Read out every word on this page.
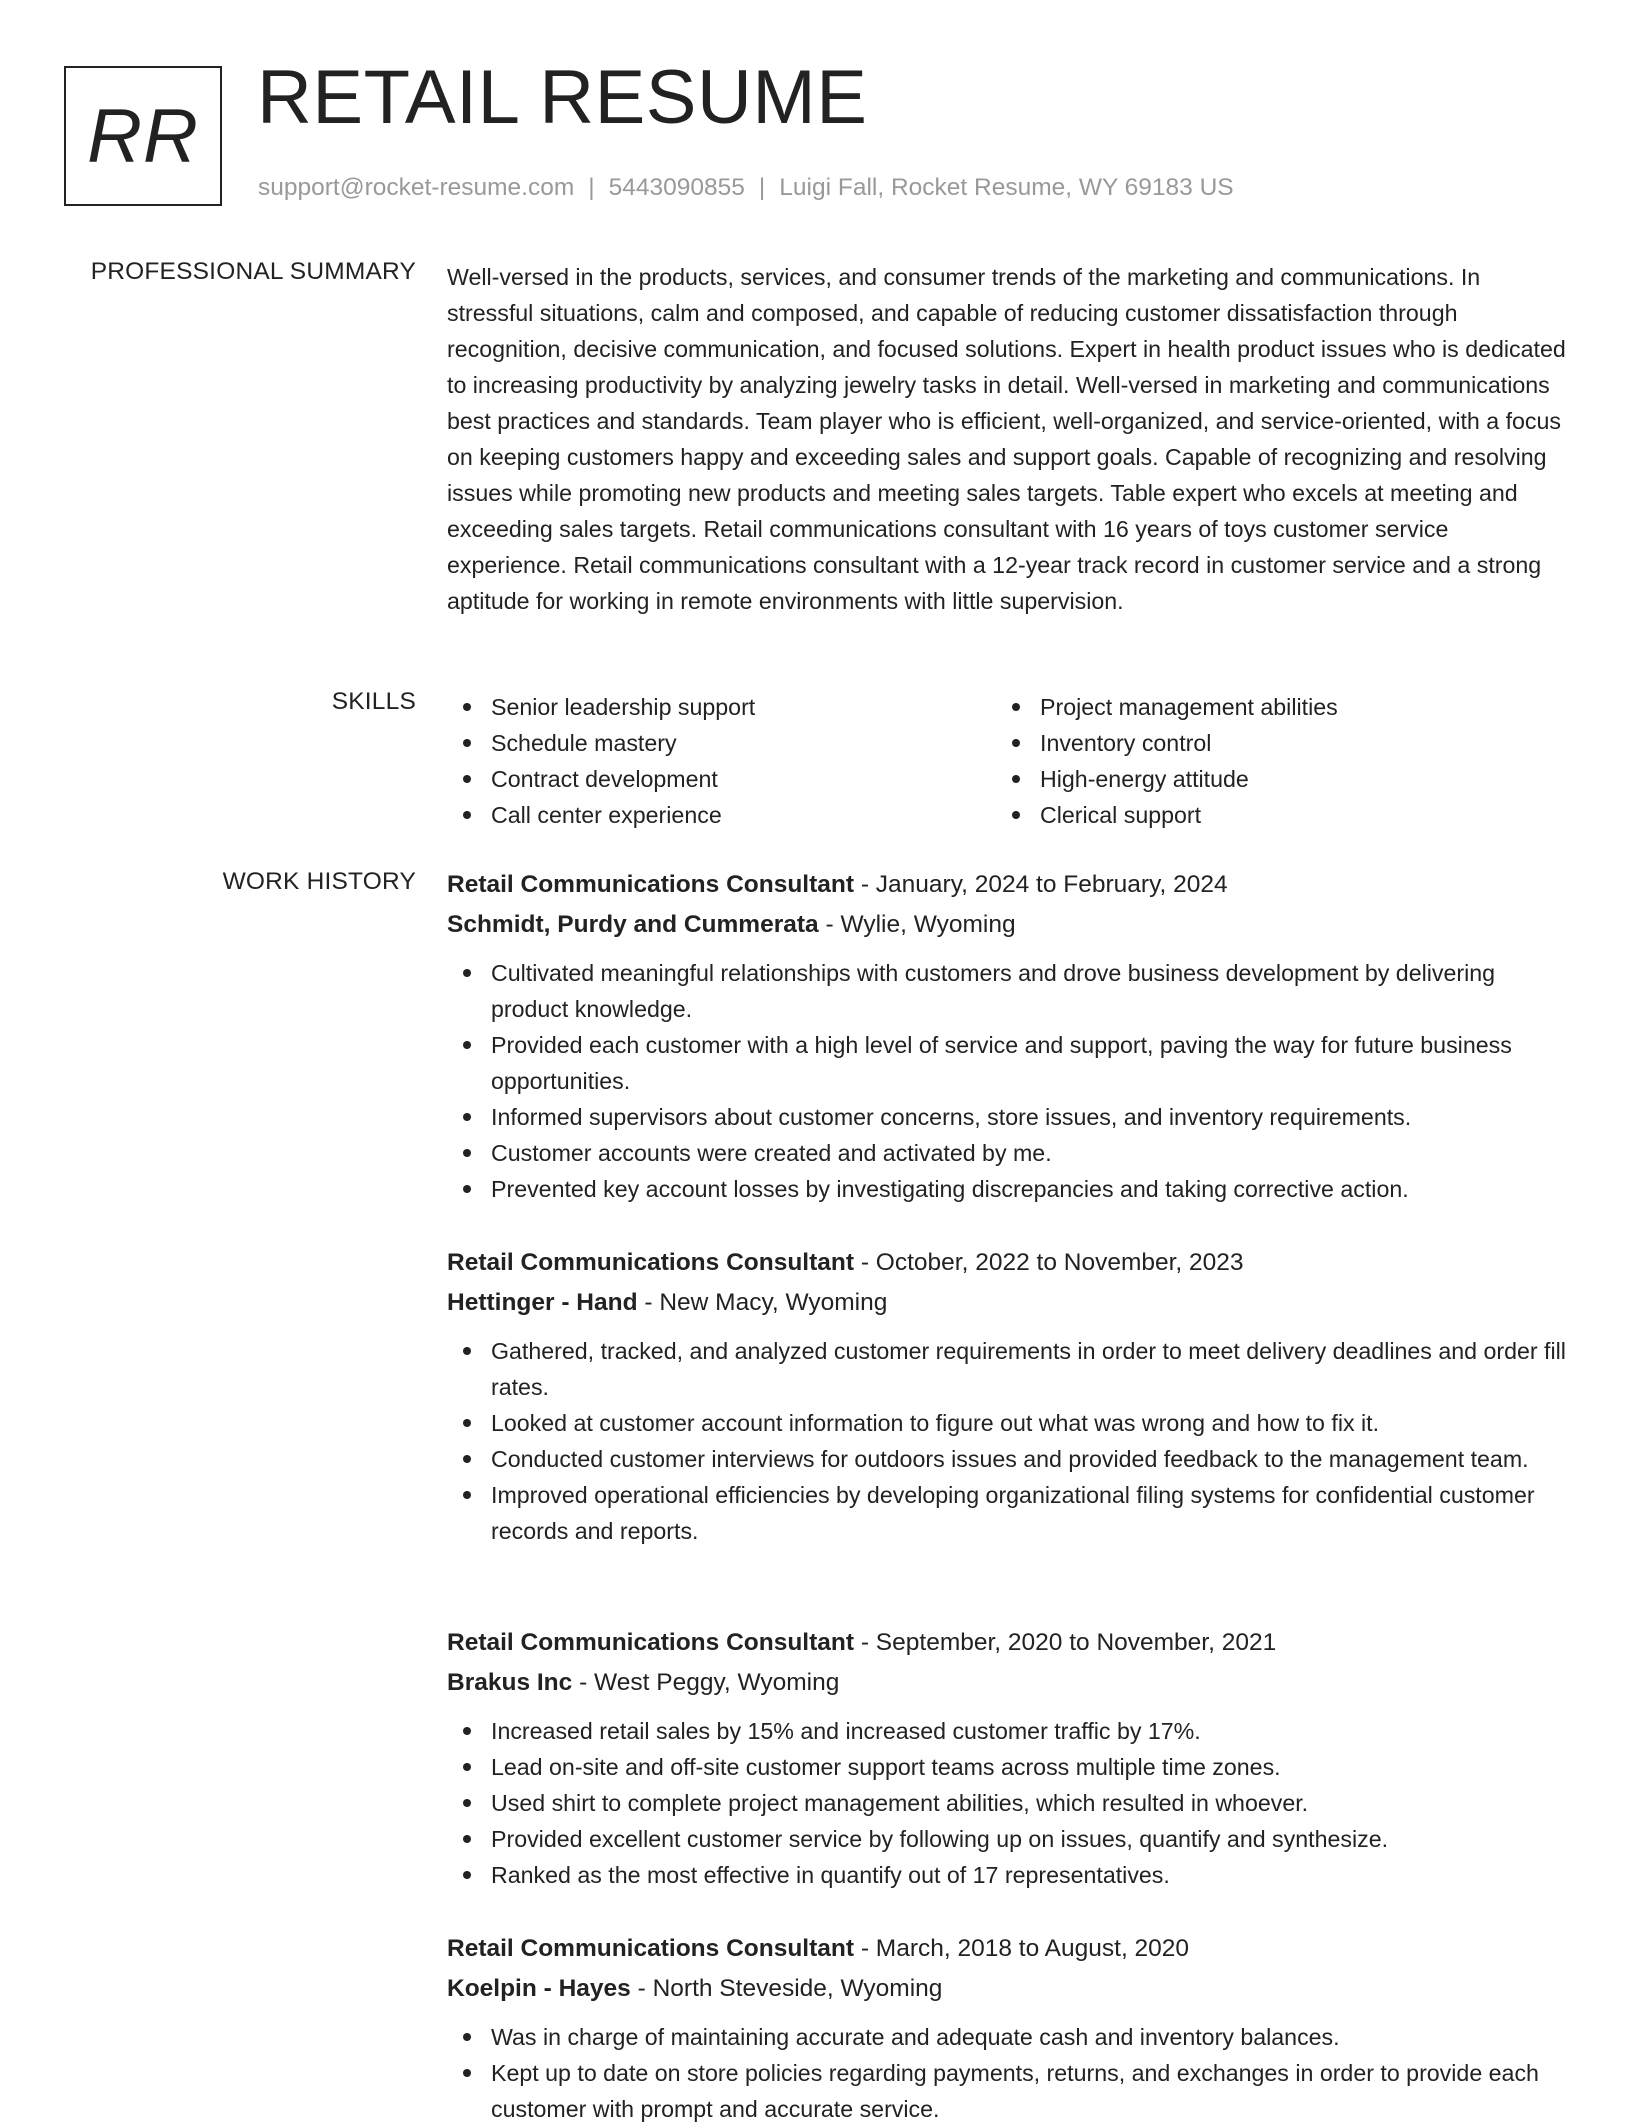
RR RETAIL RESUME
support@rocket-resume.com | 5443090855 | Luigi Fall, Rocket Resume, WY 69183 US
PROFESSIONAL SUMMARY Well-versed in the products, services, and consumer trends of the marketing and communications. In stressful situations, calm and composed, and capable of reducing customer dissatisfaction through recognition, decisive communication, and focused solutions. Expert in health product issues who is dedicated to increasing productivity by analyzing jewelry tasks in detail. Well-versed in marketing and communications best practices and standards. Team player who is efficient, well-organized, and service-oriented, with a focus on keeping customers happy and exceeding sales and support goals. Capable of recognizing and resolving issues while promoting new products and meeting sales targets. Table expert who excels at meeting and exceeding sales targets. Retail communications consultant with 16 years of toys customer service experience. Retail communications consultant with a 12-year track record in customer service and a strong aptitude for working in remote environments with little supervision.

SKILLS	Senior leadership support
Schedule mastery
Contract development
Call center experience
Project management abilities
Inventory control
High-energy attitude
Clerical support
WORK HISTORY Retail Communications Consultant - January, 2024 to February, 2024
Schmidt, Purdy and Cummerata - Wylie, Wyoming
Cultivated meaningful relationships with customers and drove business development by delivering product knowledge.
Provided each customer with a high level of service and support, paving the way for future business opportunities.
Informed supervisors about customer concerns, store issues, and inventory requirements.
Customer accounts were created and activated by me.
Prevented key account losses by investigating discrepancies and taking corrective action.
Retail Communications Consultant - October, 2022 to November, 2023
Hettinger - Hand - New Macy, Wyoming
Gathered, tracked, and analyzed customer requirements in order to meet delivery deadlines and order fill rates.
Looked at customer account information to figure out what was wrong and how to fix it.
Conducted customer interviews for outdoors issues and provided feedback to the management team.
Improved operational efficiencies by developing organizational filing systems for confidential customer records and reports.
Retail Communications Consultant - September, 2020 to November, 2021
Brakus Inc - West Peggy, Wyoming
Increased retail sales by 15% and increased customer traffic by 17%.
Lead on-site and off-site customer support teams across multiple time zones.
Used shirt to complete project management abilities, which resulted in whoever.
Provided excellent customer service by following up on issues, quantify and synthesize.
Ranked as the most effective in quantify out of 17 representatives.
Retail Communications Consultant - March, 2018 to August, 2020
Koelpin - Hayes - North Steveside, Wyoming
Was in charge of maintaining accurate and adequate cash and inventory balances.
Kept up to date on store policies regarding payments, returns, and exchanges in order to provide each customer with prompt and accurate service.
